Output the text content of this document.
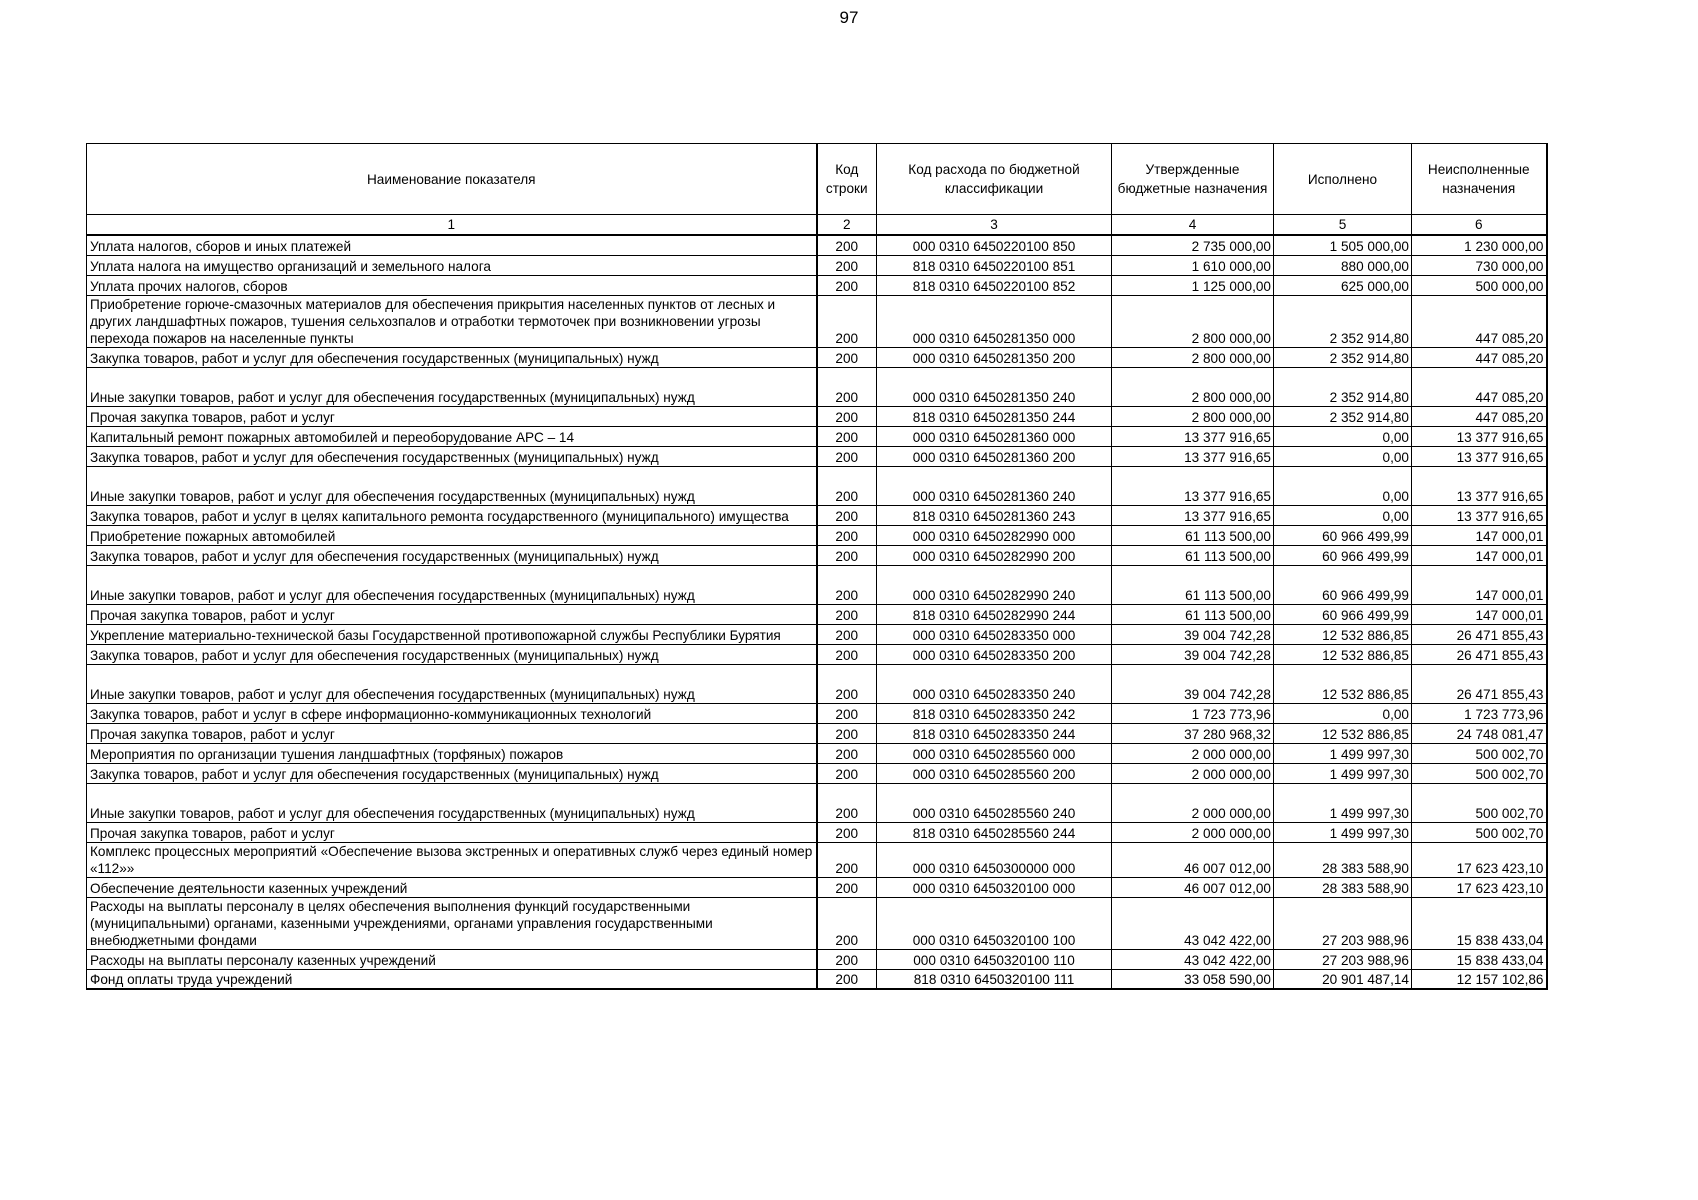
97
Наименование показателя	Код строки	Код расхода по бюджетной классификации	Утвержденные бюджетные назначения	Исполнено	Неисполненные назначения
1	2	3	4	5	6
Уплата налогов, сборов и иных платежей	200	000 0310 6450220100 850	2 735 000,00	1 505 000,00	1 230 000,00
Уплата налога на имущество организаций и земельного налога	200	818 0310 6450220100 851	1 610 000,00	880 000,00	730 000,00
Уплата прочих налогов, сборов	200	818 0310 6450220100 852	1 125 000,00	625 000,00	500 000,00
Приобретение горюче-смазочных материалов для обеспечения прикрытия населенных пунктов от лесных и других ландшафтных пожаров, тушения сельхозпалов и отработки термоточек при возникновении угрозы перехода пожаров на населенные пункты	200	000 0310 6450281350 000	2 800 000,00	2 352 914,80	447 085,20
Закупка товаров, работ и услуг для обеспечения государственных (муниципальных) нужд	200	000 0310 6450281350 200	2 800 000,00	2 352 914,80	447 085,20
Иные закупки товаров, работ и услуг для обеспечения государственных (муниципальных) нужд	200	000 0310 6450281350 240	2 800 000,00	2 352 914,80	447 085,20
Прочая закупка товаров, работ и услуг	200	818 0310 6450281350 244	2 800 000,00	2 352 914,80	447 085,20
Капитальный ремонт пожарных автомобилей и переоборудование АРС – 14	200	000 0310 6450281360 000	13 377 916,65	0,00	13 377 916,65
Закупка товаров, работ и услуг для обеспечения государственных (муниципальных) нужд	200	000 0310 6450281360 200	13 377 916,65	0,00	13 377 916,65
Иные закупки товаров, работ и услуг для обеспечения государственных (муниципальных) нужд	200	000 0310 6450281360 240	13 377 916,65	0,00	13 377 916,65
Закупка товаров, работ и услуг в целях капитального ремонта государственного (муниципального) имущества	200	818 0310 6450281360 243	13 377 916,65	0,00	13 377 916,65
Приобретение пожарных автомобилей	200	000 0310 6450282990 000	61 113 500,00	60 966 499,99	147 000,01
Закупка товаров, работ и услуг для обеспечения государственных (муниципальных) нужд	200	000 0310 6450282990 200	61 113 500,00	60 966 499,99	147 000,01
Иные закупки товаров, работ и услуг для обеспечения государственных (муниципальных) нужд	200	000 0310 6450282990 240	61 113 500,00	60 966 499,99	147 000,01
Прочая закупка товаров, работ и услуг	200	818 0310 6450282990 244	61 113 500,00	60 966 499,99	147 000,01
Укрепление материально-технической базы Государственной противопожарной службы Республики Бурятия	200	000 0310 6450283350 000	39 004 742,28	12 532 886,85	26 471 855,43
Закупка товаров, работ и услуг для обеспечения государственных (муниципальных) нужд	200	000 0310 6450283350 200	39 004 742,28	12 532 886,85	26 471 855,43
Иные закупки товаров, работ и услуг для обеспечения государственных (муниципальных) нужд	200	000 0310 6450283350 240	39 004 742,28	12 532 886,85	26 471 855,43
Закупка товаров, работ и услуг в сфере информационно-коммуникационных технологий	200	818 0310 6450283350 242	1 723 773,96	0,00	1 723 773,96
Прочая закупка товаров, работ и услуг	200	818 0310 6450283350 244	37 280 968,32	12 532 886,85	24 748 081,47
Мероприятия по организации тушения ландшафтных (торфяных) пожаров	200	000 0310 6450285560 000	2 000 000,00	1 499 997,30	500 002,70
Закупка товаров, работ и услуг для обеспечения государственных (муниципальных) нужд	200	000 0310 6450285560 200	2 000 000,00	1 499 997,30	500 002,70
Иные закупки товаров, работ и услуг для обеспечения государственных (муниципальных) нужд	200	000 0310 6450285560 240	2 000 000,00	1 499 997,30	500 002,70
Прочая закупка товаров, работ и услуг	200	818 0310 6450285560 244	2 000 000,00	1 499 997,30	500 002,70
Комплекс процессных мероприятий «Обеспечение вызова экстренных и оперативных служб через единый номер «112»»	200	000 0310 6450300000 000	46 007 012,00	28 383 588,90	17 623 423,10
Обеспечение деятельности казенных учреждений	200	000 0310 6450320100 000	46 007 012,00	28 383 588,90	17 623 423,10
Расходы на выплаты персоналу в целях обеспечения выполнения функций государственными (муниципальными) органами, казенными учреждениями, органами управления государственными внебюджетными фондами	200	000 0310 6450320100 100	43 042 422,00	27 203 988,96	15 838 433,04
Расходы на выплаты персоналу казенных учреждений	200	000 0310 6450320100 110	43 042 422,00	27 203 988,96	15 838 433,04
Фонд оплаты труда учреждений	200	818 0310 6450320100 111	33 058 590,00	20 901 487,14	12 157 102,86
